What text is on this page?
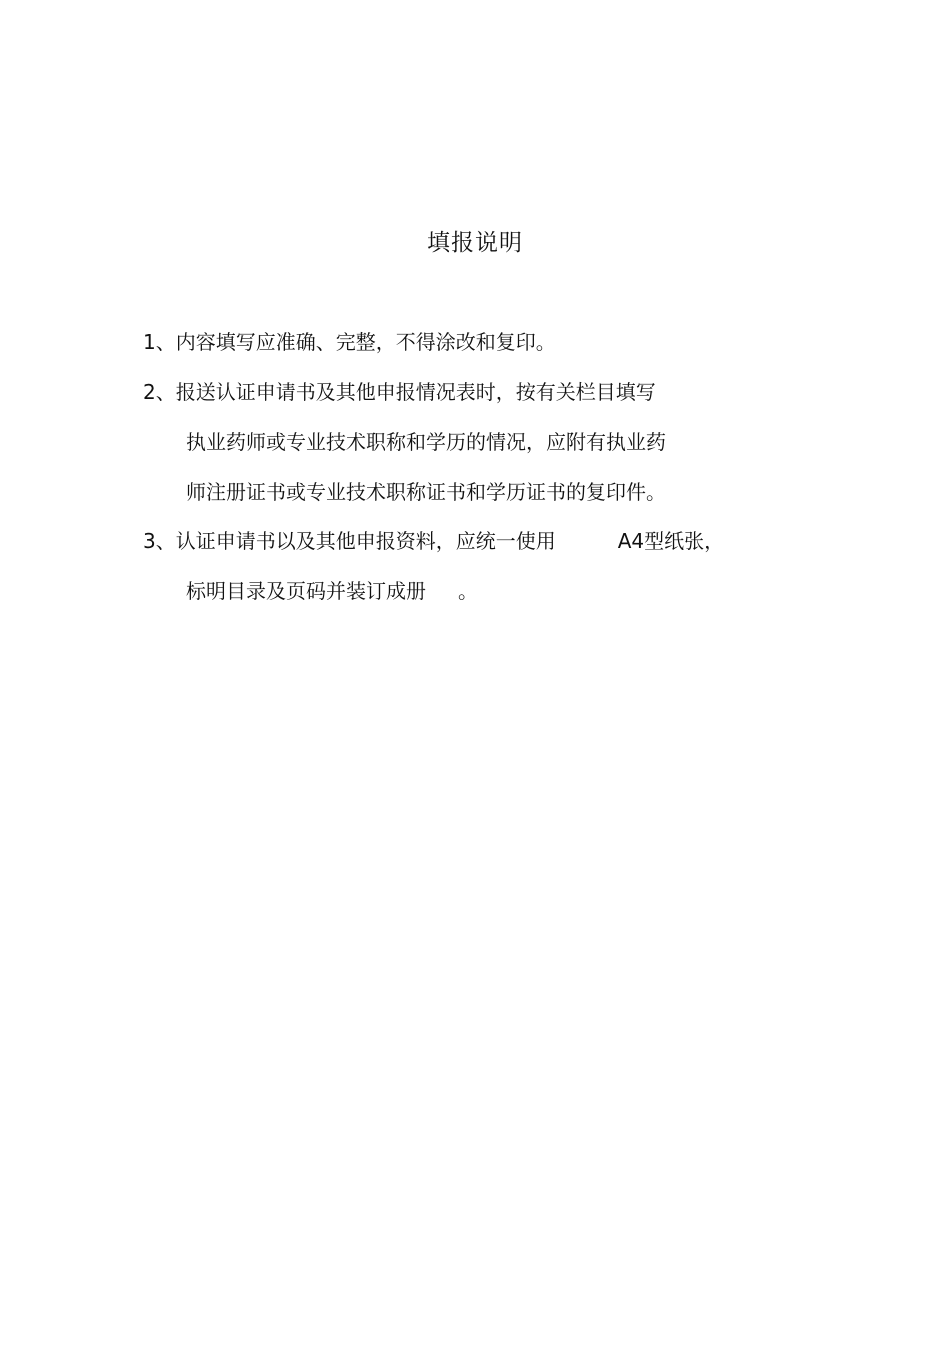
填报说明
1、内容填写应准确、完整，不得涂改和复印。
2、报送认证申请书及其他申报情况表时，按有关栏目填写
执业药师或专业技术职称和学历的情况，应附有执业药
师注册证书或专业技术职称证书和学历证书的复印件。
3、认证申请书以及其他申报资料，应统一使用	A4型纸张，
标明目录及页码并装订成册 。
